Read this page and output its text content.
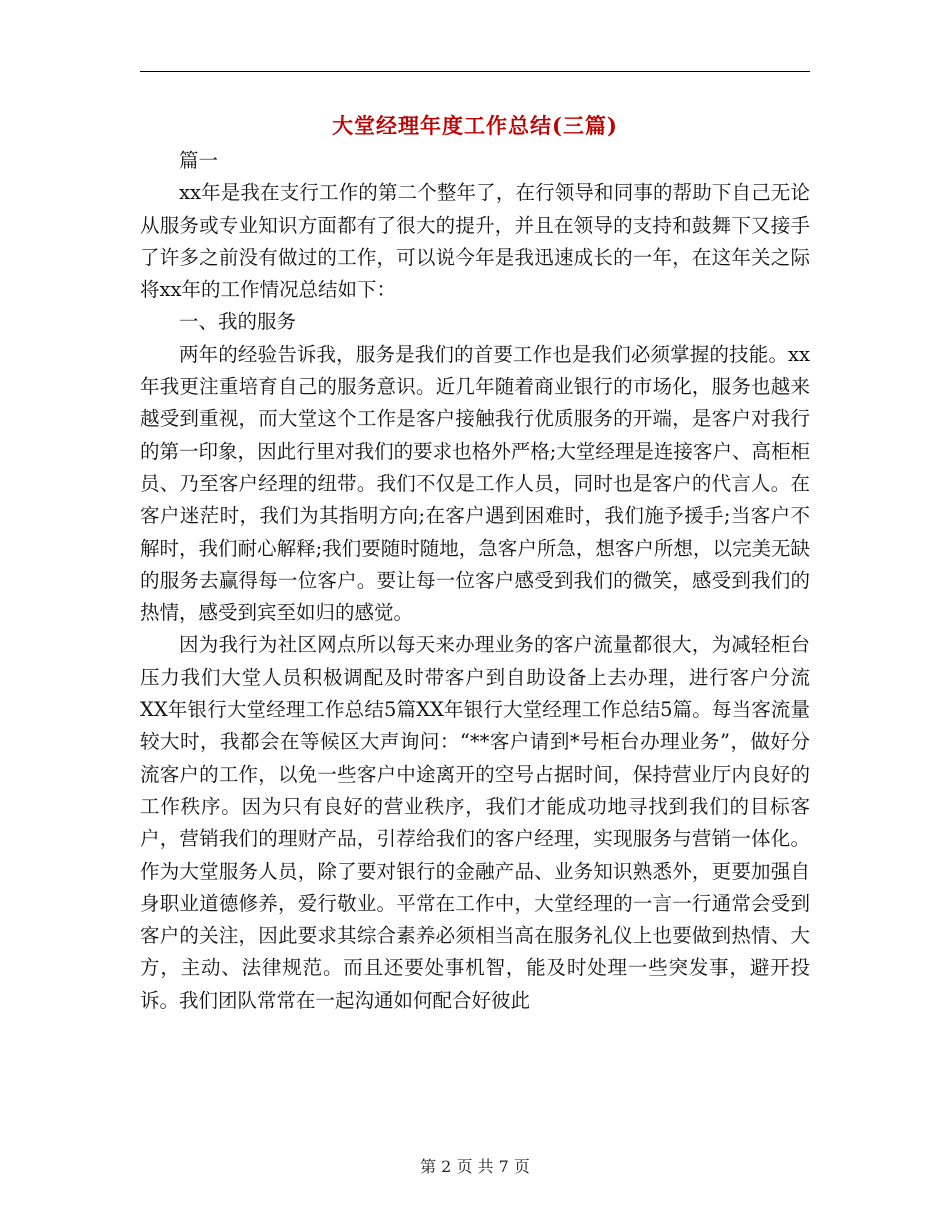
大堂经理年度工作总结(三篇)

篇一

xx年是我在支行工作的第二个整年了，在行领导和同事的帮助下自己无论从服务或专业知识方面都有了很大的提升，并且在领导的支持和鼓舞下又接手了许多之前没有做过的工作，可以说今年是我迅速成长的一年，在这年关之际将xx年的工作情况总结如下：

一、我的服务

两年的经验告诉我，服务是我们的首要工作也是我们必须掌握的技能。xx年我更注重培育自己的服务意识。近几年随着商业银行的市场化，服务也越来越受到重视，而大堂这个工作是客户接触我行优质服务的开端，是客户对我行的第一印象，因此行里对我们的要求也格外严格;大堂经理是连接客户、高柜柜员、乃至客户经理的纽带。我们不仅是工作人员，同时也是客户的代言人。在客户迷茫时，我们为其指明方向;在客户遇到困难时，我们施予援手;当客户不解时，我们耐心解释;我们要随时随地，急客户所急，想客户所想，以完美无缺的服务去赢得每一位客户。要让每一位客户感受到我们的微笑，感受到我们的热情，感受到宾至如归的感觉。

因为我行为社区网点所以每天来办理业务的客户流量都很大，为减轻柜台压力我们大堂人员积极调配及时带客户到自助设备上去办理，进行客户分流XX年银行大堂经理工作总结5篇XX年银行大堂经理工作总结5篇。每当客流量较大时，我都会在等候区大声询问：“**客户请到*号柜台办理业务”，做好分流客户的工作，以免一些客户中途离开的空号占据时间，保持营业厅内良好的工作秩序。因为只有良好的营业秩序，我们才能成功地寻找到我们的目标客户，营销我们的理财产品，引荐给我们的客户经理，实现服务与营销一体化。作为大堂服务人员，除了要对银行的金融产品、业务知识熟悉外，更要加强自身职业道德修养，爱行敬业。平常在工作中，大堂经理的一言一行通常会受到客户的关注，因此要求其综合素养必须相当高在服务礼仪上也要做到热情、大方，主动、法律规范。而且还要处事机智，能及时处理一些突发事，避开投诉。我们团队常常在一起沟通如何配合好彼此

第 2 页 共 7 页
